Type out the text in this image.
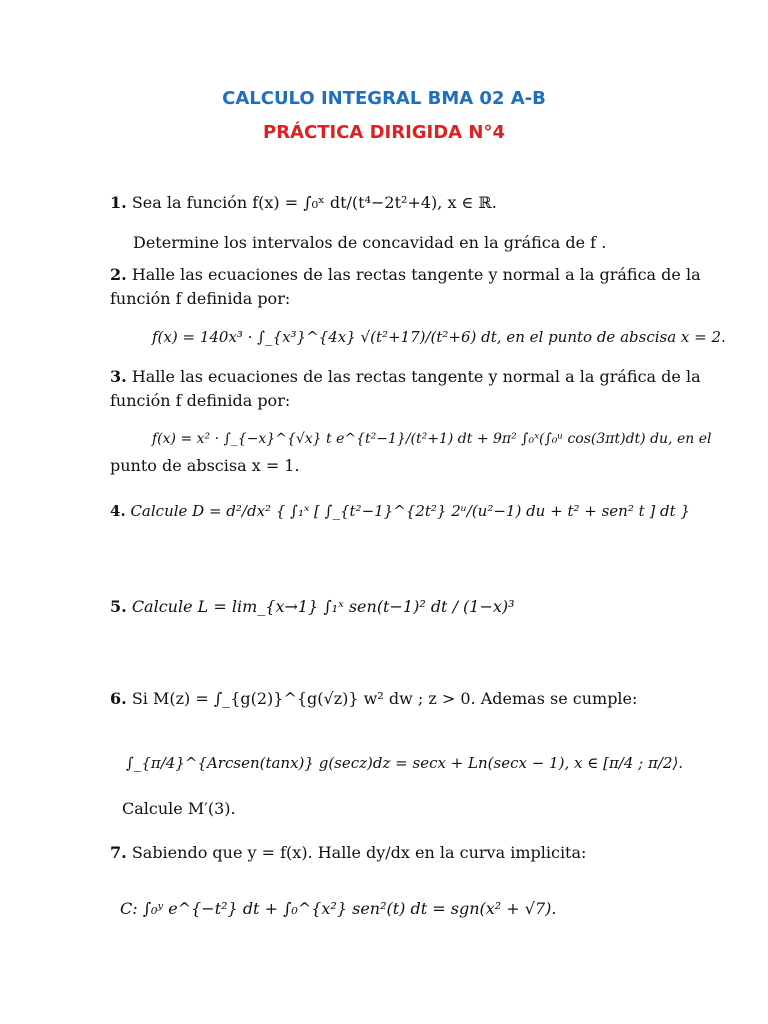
CALCULO INTEGRAL BMA 02 A-B
PRÁCTICA DIRIGIDA N°4
1. Sea la función f(x) = ∫₀ˣ dt/(t⁴−2t²+4), x ∈ ℝ.
Determine los intervalos de concavidad en la gráfica de f .
2. Halle las ecuaciones de las rectas tangente y normal a la gráfica de la
función f definida por:
f(x) = 140x³ · ∫_{x³}^{4x} √(t²+17)/(t²+6) dt, en el punto de abscisa x = 2.
3. Halle las ecuaciones de las rectas tangente y normal a la gráfica de la
función f definida por:
f(x) = x² · ∫_{−x}^{√x} t e^{t²−1}/(t²+1) dt + 9π² ∫₀ˣ(∫₀ᵘ cos(3πt)dt) du, en el
punto de abscisa x = 1.
4. Calcule D = d²/dx² { ∫₁ˣ [ ∫_{t²−1}^{2t²} 2ᵘ/(u²−1) du + t² + sen² t ] dt }
5. Calcule L = lim_{x→1} ∫₁ˣ sen(t−1)² dt / (1−x)³
6. Si M(z) = ∫_{g(2)}^{g(√z)} w² dw ; z > 0. Ademas se cumple:
∫_{π/4}^{Arcsen(tanx)} g(secz)dz = secx + Ln(secx − 1), x ∈ [π/4 ; π/2⟩.
Calcule M′(3).
7. Sabiendo que y = f(x). Halle dy/dx en la curva implicita:
C: ∫₀ʸ e^{−t²} dt + ∫₀^{x²} sen²(t) dt = sgn(x² + √7).
